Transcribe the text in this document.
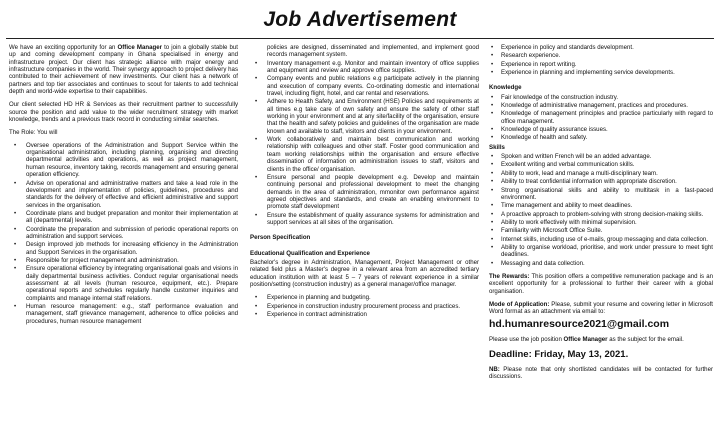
Job Advertisement

We have an exciting opportunity for an Office Manager to join a globally stable but up and coming development company in Ghana specialised in energy and infrastructure project. Our client has strategic alliance with major energy and infrastructure companies in the world. Their synergy approach to project delivery has contributed to their achievement of new investments. Our client has a network of partners and top tier associates and continues to scout for talents to add technical depth and world-wide expertise to their capabilities.

Our client selected HD HR & Services as their recruitment partner to successfully source the position and add value to the wider recruitment strategy with market knowledge, trends and a previous track record in conducting similar searches.

The Role: You will

• Oversee operations of the Administration and Support Service within the organisational administration, including planning, organising and directing departmental activities and operations, as well as project management, human resource, inventory taking, records management and ensuring general operation efficiency.
• Advise on operational and administrative matters and take a lead role in the development and implementation of policies, guidelines, procedures and standards for the delivery of effective and efficient administrative and support services in the organisation.
• Coordinate plans and budget preparation and monitor their implementation at all (departmental) levels.
• Coordinate the preparation and submission of periodic operational reports on administration and support services.
• Design improved job methods for increasing efficiency in the Administration and Support Services in the organisation.
• Responsible for project management and administration.
• Ensure operational efficiency by integrating organisational goals and visions in daily departmental business activities. Conduct regular organisational needs assessment at all levels (human resource, equipment, etc.). Prepare operational reports and schedules regularly handle customer inquiries and complaints and manage internal staff relations.
• Human resource management: e.g., staff performance evaluation and management, staff grievance management, adherence to office policies and procedures, human resource management

policies are designed, disseminated and implemented, and implement good records management system.

• Inventory management e.g. Monitor and maintain inventory of office supplies and equipment and review and approve office supplies.
• Company events and public relations e.g participate actively in the planning and execution of company events. Co-ordinating domestic and international travel, including flight, hotel, and car rental and reservations.
• Adhere to Health Safety, and Environment (HSE) Policies and requirements at all times e.g take care of own safety and ensure the safety of other staff working in your environment and at any site/facility of the organisation, ensure that the health and safety policies and guidelines of the organisation are made known and available to staff, visitors and clients in your environment.
• Work collaboratively and maintain best communication and working relationship with colleagues and other staff. Foster good communication and team working relationships within the organisation and ensure effective dissemination of information on administration issues to staff, visitors and clients in the office/ organisation.
• Ensure personal and people development e.g. Develop and maintain continuing personal and professional development to meet the changing demands in the area of administration, mmonitor own performance against agreed objectives and standards, and create an enabling environment to promote staff development
• Ensure the establishment of quality assurance systems for administration and support services at all sites of the organisation.
Person Specification
Educational Qualification and Experience

Bachelor's degree in Administration, Management, Project Management or other related field plus a Master's degree in a relevant area from an accredited tertiary education institution with at least 5 – 7 years of relevant experience in a similar position/setting (construction industry) as a general manager/office manager.

• Experience in planning and budgeting.
• Experience in construction industry procurement process and practices.
• Experience in contract administration
• Experience in policy and standards development.
• Research experience.
• Experience in report writing.
• Experience in planning and implementing service developments.
Knowledge
• Fair knowledge of the construction industry.
• Knowledge of administrative management, practices and procedures.
• Knowledge of management principles and practice particularly with regard to office management.
• Knowledge of quality assurance issues.
• Knowledge of health and safety.
Skills
• Spoken and written French will be an added advantage.
• Excellent writing and verbal communication skills.
• Ability to work, lead and manage a multi-disciplinary team.
• Ability to treat confidential information with appropriate discretion.
• Strong organisational skills and ability to multitask in a fast-paced environment.
• Time management and ability to meet deadlines.
• A proactive approach to problem-solving with strong decision-making skills.
• Ability to work effectively with minimal supervision.
• Familiarity with Microsoft Office Suite.
• Internet skills, including use of e-mails, group messaging and data collection.
• Ability to organise workload, prioritise, and work under pressure to meet tight deadlines.
• Messaging and data collection.

The Rewards: This position offers a competitive remuneration package and is an excellent opportunity for a professional to further their career with a global organisation.

Mode of Application: Please, submit your resume and covering letter in Microsoft Word format as an attachment via email to:

hd.humanresource2021@gmail.com

Please use the job position Office Manager as the subject for the email.

Deadline: Friday, May 13, 2021.

NB: Please note that only shortlisted candidates will be contacted for further discussions.
